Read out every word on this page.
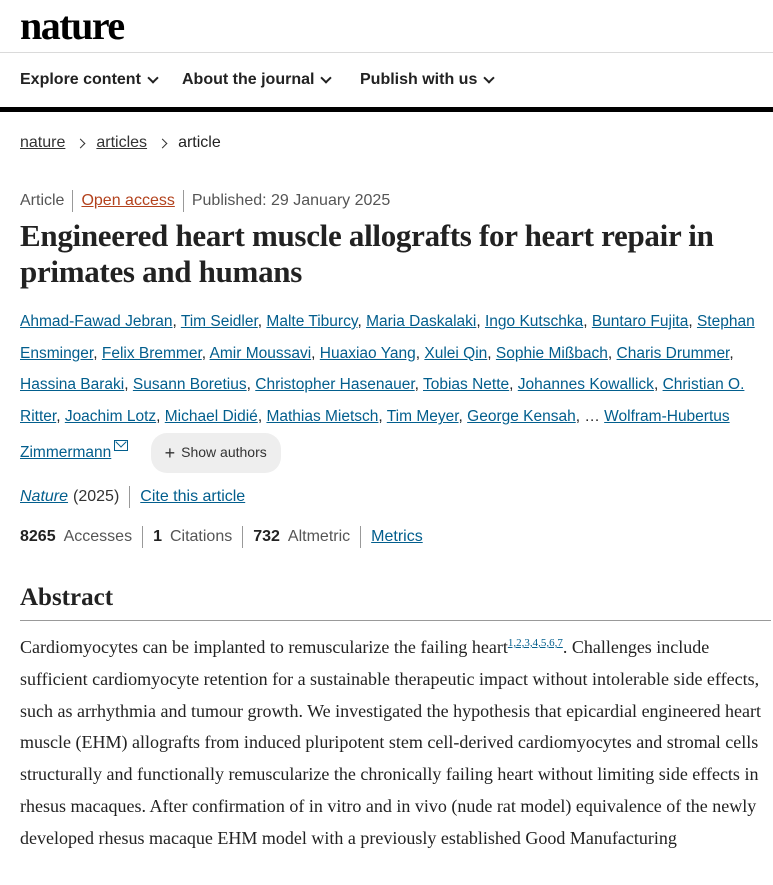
nature
Explore content	About the journal	Publish with us
nature articles article
Article Open access Published: 29 January 2025
Engineered heart muscle allografts for heart repair in primates and humans
Ahmad-Fawad Jebran, Tim Seidler, Malte Tiburcy, Maria Daskalaki, Ingo Kutschka, Buntaro Fujita, Stephan Ensminger, Felix Bremmer, Amir Moussavi, Huaxiao Yang, Xulei Qin, Sophie Mißbach, Charis Drummer, Hassina Baraki, Susann Boretius, Christopher Hasenauer, Tobias Nette, Johannes Kowallick, Christian O. Ritter, Joachim Lotz, Michael Didié, Mathias Mietsch, Tim Meyer, George Kensah, … Wolfram-Hubertus Zimmermann	+ Show authors
Nature (2025) Cite this article
8265 Accesses 1 Citations 732 Altmetric Metrics
Abstract

Cardiomyocytes can be implanted to remuscularize the failing heart$^{1,2,3,4,5,6,7}$. Challenges include sufficient cardiomyocyte retention for a sustainable therapeutic impact without intolerable side effects, such as arrhythmia and tumour growth. We investigated the hypothesis that epicardial engineered heart muscle (EHM) allografts from induced pluripotent stem cell-derived cardiomyocytes and stromal cells structurally and functionally remuscularize the chronically failing heart without limiting side effects in rhesus macaques. After confirmation of in vitro and in vivo (nude rat model) equivalence of the newly developed rhesus macaque EHM model with a previously established Good Manufacturing
